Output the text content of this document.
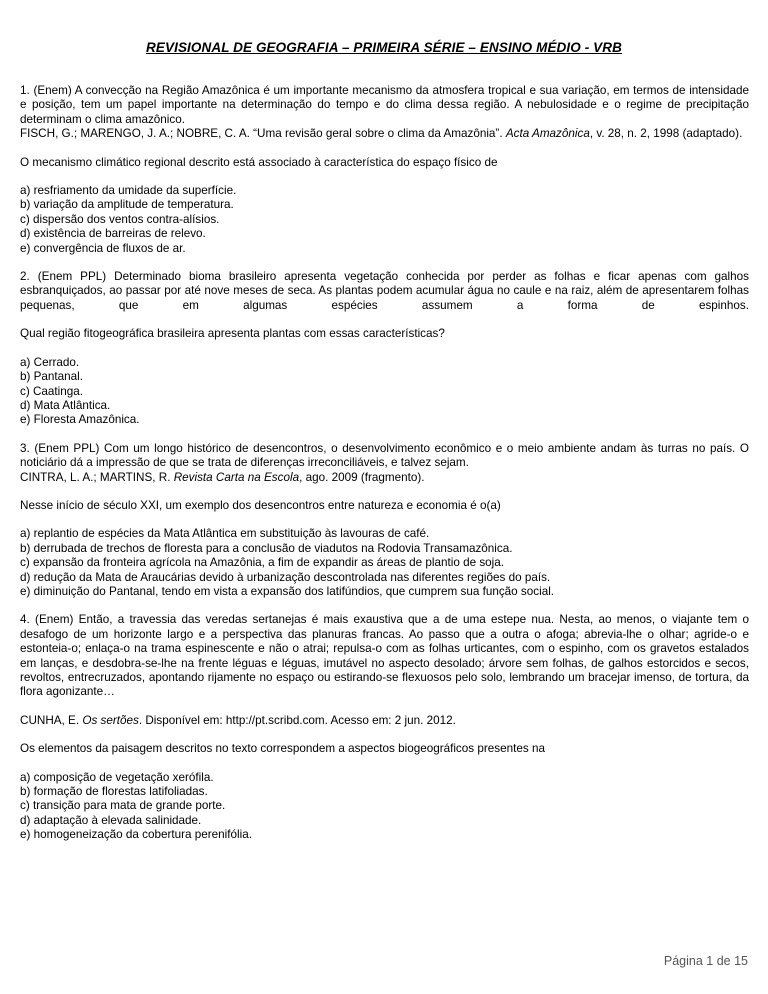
REVISIONAL DE GEOGRAFIA – PRIMEIRA SÉRIE – ENSINO MÉDIO - VRB

1. (Enem) A convecção na Região Amazônica é um importante mecanismo da atmosfera tropical e sua variação, em termos de intensidade e posição, tem um papel importante na determinação do tempo e do clima dessa região. A nebulosidade e o regime de precipitação determinam o clima amazônico.

FISCH, G.; MARENGO, J. A.; NOBRE, C. A. “Uma revisão geral sobre o clima da Amazônia”. Acta Amazônica, v. 28, n. 2, 1998 (adaptado).

O mecanismo climático regional descrito está associado à característica do espaço físico de

a) resfriamento da umidade da superfície.
b) variação da amplitude de temperatura.
c) dispersão dos ventos contra-alísios.
d) existência de barreiras de relevo.
e) convergência de fluxos de ar.

2. (Enem PPL) Determinado bioma brasileiro apresenta vegetação conhecida por perder as folhas e ficar apenas com galhos esbranquiçados, ao passar por até nove meses de seca. As plantas podem acumular água no caule e na raiz, além de apresentarem folhas pequenas, que em algumas espécies assumem a forma de espinhos.

Qual região fitogeográfica brasileira apresenta plantas com essas características?

a) Cerrado.
b) Pantanal.
c) Caatinga.
d) Mata Atlântica.
e) Floresta Amazônica.

3. (Enem PPL) Com um longo histórico de desencontros, o desenvolvimento econômico e o meio ambiente andam às turras no país. O noticiário dá a impressão de que se trata de diferenças irreconciliáveis, e talvez sejam.

CINTRA, L. A.; MARTINS, R. Revista Carta na Escola, ago. 2009 (fragmento).

Nesse início de século XXI, um exemplo dos desencontros entre natureza e economia é o(a)

a) replantio de espécies da Mata Atlântica em substituição às lavouras de café.
b) derrubada de trechos de floresta para a conclusão de viadutos na Rodovia Transamazônica.
c) expansão da fronteira agrícola na Amazônia, a fim de expandir as áreas de plantio de soja.
d) redução da Mata de Araucárias devido à urbanização descontrolada nas diferentes regiões do país.
e) diminuição do Pantanal, tendo em vista a expansão dos latifúndios, que cumprem sua função social.

4. (Enem) Então, a travessia das veredas sertanejas é mais exaustiva que a de uma estepe nua. Nesta, ao menos, o viajante tem o desafogo de um horizonte largo e a perspectiva das planuras francas. Ao passo que a outra o afoga; abrevia-lhe o olhar; agride-o e estonteia-o; enlaça-o na trama espinescente e não o atrai; repulsa-o com as folhas urticantes, com o espinho, com os gravetos estalados em lanças, e desdobra-se-lhe na frente léguas e léguas, imutável no aspecto desolado; árvore sem folhas, de galhos estorcidos e secos, revoltos, entrecruzados, apontando rijamente no espaço ou estirando-se flexuosos pelo solo, lembrando um bracejar imenso, de tortura, da flora agonizante…

CUNHA, E. Os sertões. Disponível em: http://pt.scribd.com. Acesso em: 2 jun. 2012.

Os elementos da paisagem descritos no texto correspondem a aspectos biogeográficos presentes na

a) composição de vegetação xerófila.
b) formação de florestas latifoliadas.
c) transição para mata de grande porte.
d) adaptação à elevada salinidade.
e) homogeneização da cobertura perenifólia.
Página 1 de 15
